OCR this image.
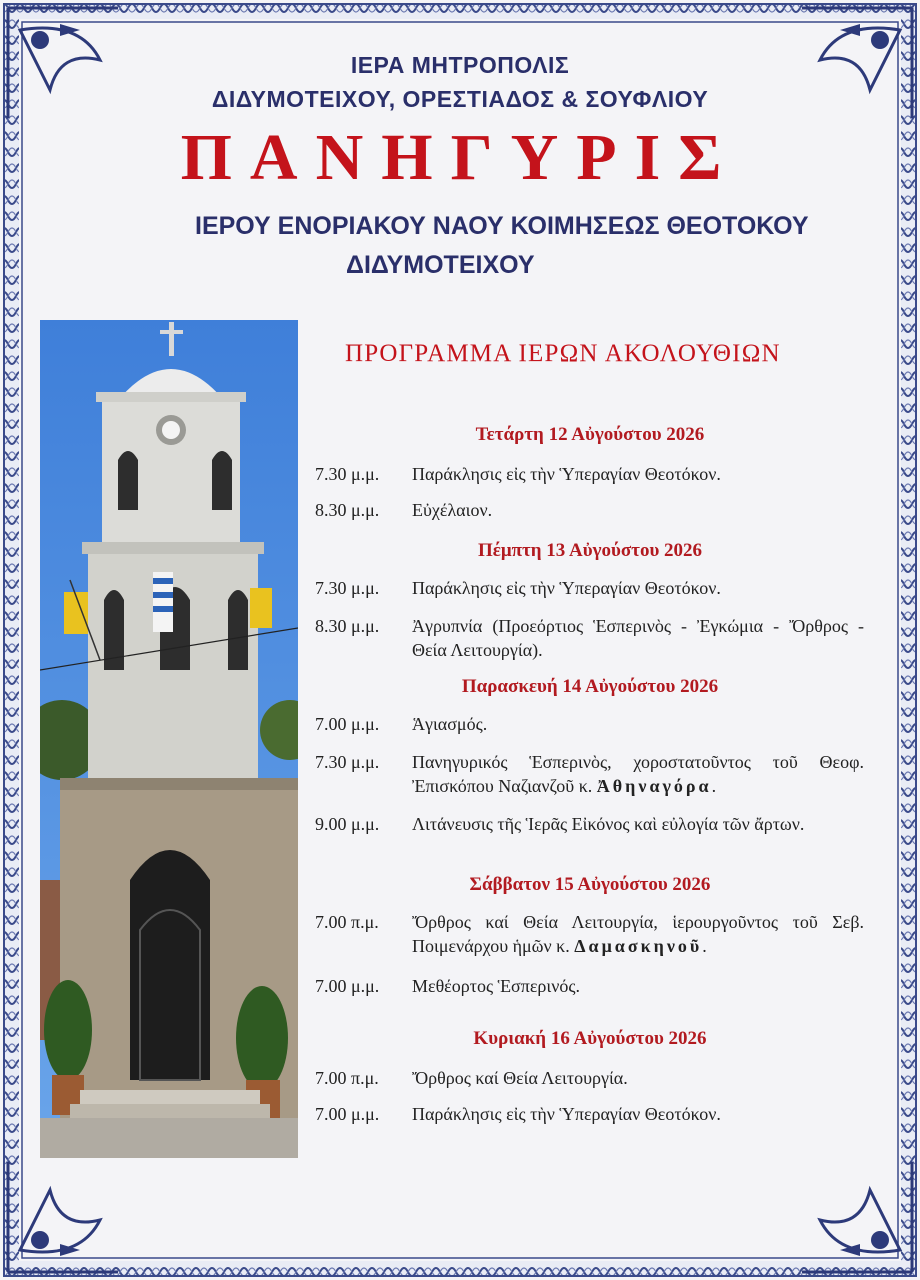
ΙΕΡΑ ΜΗΤΡΟΠΟΛΙΣ
ΔΙΔΥΜΟΤΕΙΧΟΥ, ΟΡΕΣΤΙΑΔΟΣ & ΣΟΥΦΛΙΟΥ
ΠΑΝΗΓΥΡΙΣ
ΙΕΡΟΥ ΕΝΟΡΙΑΚΟΥ ΝΑΟΥ ΚΟΙΜΗΣΕΩΣ ΘΕΟΤΟΚΟΥ
ΔΙΔΥΜΟΤΕΙΧΟΥ
ΠΡΟΓΡΑΜΜΑ ΙΕΡΩΝ ΑΚΟΛΟΥΘΙΩΝ
Τετάρτη 12 Αὐγούστου 2026
7.30 μ.μ.	Παράκλησις εἰς τὴν Ὑπεραγίαν Θεοτόκον.
8.30 μ.μ.	Εὐχέλαιον.
Πέμπτη 13 Αὐγούστου 2026
7.30 μ.μ.	Παράκλησις εἰς τὴν Ὑπεραγίαν Θεοτόκον.
8.30 μ.μ.	Ἀγρυπνία (Προεόρτιος Ἑσπερινὸς - Ἐγκώμια - Ὄρθρος - Θεία Λειτουργία).
Παρασκευή 14 Αὐγούστου 2026
7.00 μ.μ.	Ἁγιασμός.
7.30 μ.μ.	Πανηγυρικός Ἑσπερινὸς, χοροστατοῦντος τοῦ Θεοφ. Ἐπισκόπου Ναζιανζοῦ κ. Ἀθηναγόρα.
9.00 μ.μ.	Λιτάνευσις τῆς Ἱερᾶς Εἰκόνος καὶ εὐλογία τῶν ἄρτων.
Σάββατον 15 Αὐγούστου 2026
7.00 π.μ.	Ὄρθρος καί Θεία Λειτουργία, ἱερουργοῦντος τοῦ Σεβ. Ποιμενάρχου ἡμῶν κ. Δαμασκηνοῦ.
7.00 μ.μ.	Μεθέορτος Ἑσπερινός.
Κυριακή 16 Αὐγούστου 2026
7.00 π.μ.	Ὄρθρος καί Θεία Λειτουργία.
7.00 μ.μ.	Παράκλησις εἰς τὴν Ὑπεραγίαν Θεοτόκον.
